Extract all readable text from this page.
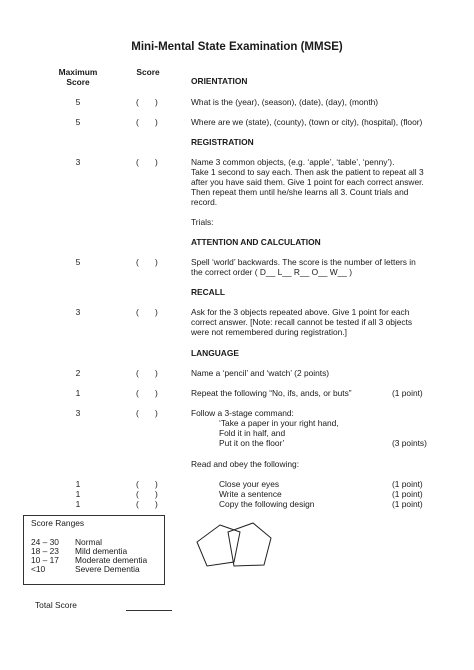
Mini-Mental State Examination (MMSE)
Maximum
Score
Score
ORIENTATION
5	( )	What is the (year), (season), (date), (day), (month)
5	( )	Where are we (state), (county), (town or city), (hospital), (floor)
REGISTRATION
3	( )	Name 3 common objects, (e.g. ‘apple’, ‘table’, ‘penny’).
Take 1 second to say each. Then ask the patient to repeat all 3
after you have said them. Give 1 point for each correct answer.
Then repeat them until he/she learns all 3. Count trials and
record.
Trials:
ATTENTION AND CALCULATION
5	( )	Spell ‘world’ backwards. The score is the number of letters in
the correct order ( D__ L__ R__ O__ W__ )
RECALL
3	( )	Ask for the 3 objects repeated above. Give 1 point for each
correct answer. [Note: recall cannot be tested if all 3 objects
were not remembered during registration.]
LANGUAGE
2	( )	Name a ‘pencil’ and ‘watch’ (2 points)
1	( )	Repeat the following “No, ifs, ands, or buts”	(1 point)
3	( )	Follow a 3-stage command:
‘Take a paper in your right hand,
Fold it in half, and
Put it on the floor’	(3 points)
Read and obey the following:
1	( )	Close your eyes	(1 point)
1	( )	Write a sentence	(1 point)
1	( )	Copy the following design	(1 point)
Score Ranges
24 – 30 Normal
18 – 23 Mild dementia
10 – 17 Moderate dementia
<10	Severe Dementia
Total Score
